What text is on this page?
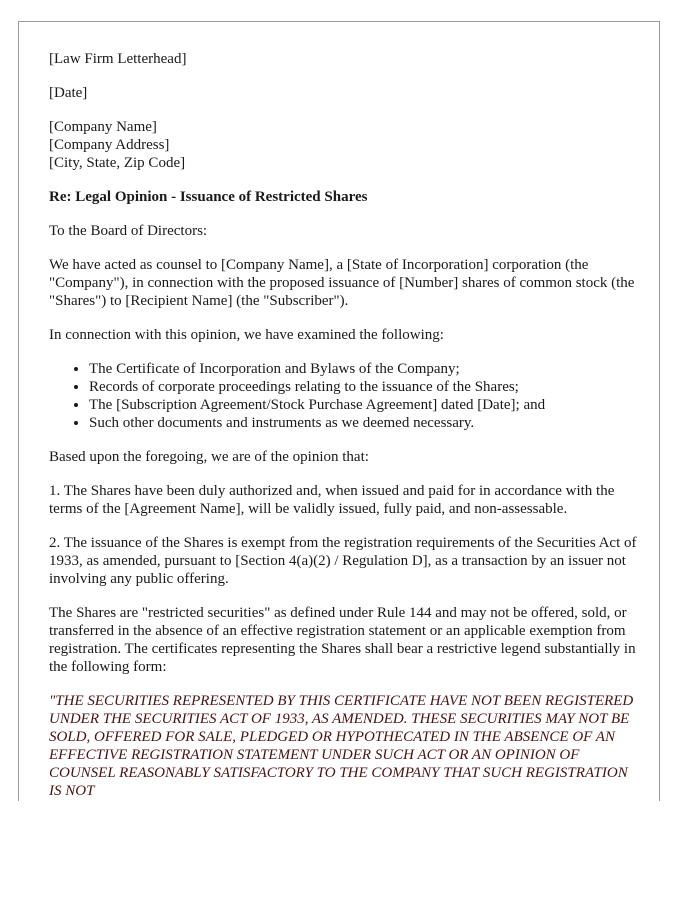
[Law Firm Letterhead]

[Date]

[Company Name]
[Company Address]
[City, State, Zip Code]

Re: Legal Opinion - Issuance of Restricted Shares

To the Board of Directors:

We have acted as counsel to [Company Name], a [State of Incorporation] corporation (the "Company"), in connection with the proposed issuance of [Number] shares of common stock (the "Shares") to [Recipient Name] (the "Subscriber").

In connection with this opinion, we have examined the following:

• The Certificate of Incorporation and Bylaws of the Company;
• Records of corporate proceedings relating to the issuance of the Shares;
• The [Subscription Agreement/Stock Purchase Agreement] dated [Date]; and
• Such other documents and instruments as we deemed necessary.

Based upon the foregoing, we are of the opinion that:

1. The Shares have been duly authorized and, when issued and paid for in accordance with the terms of the [Agreement Name], will be validly issued, fully paid, and non-assessable.

2. The issuance of the Shares is exempt from the registration requirements of the Securities Act of 1933, as amended, pursuant to [Section 4(a)(2) / Regulation D], as a transaction by an issuer not involving any public offering.

The Shares are "restricted securities" as defined under Rule 144 and may not be offered, sold, or transferred in the absence of an effective registration statement or an applicable exemption from registration. The certificates representing the Shares shall bear a restrictive legend substantially in the following form:

"THE SECURITIES REPRESENTED BY THIS CERTIFICATE HAVE NOT BEEN REGISTERED UNDER THE SECURITIES ACT OF 1933, AS AMENDED. THESE SECURITIES MAY NOT BE SOLD, OFFERED FOR SALE, PLEDGED OR HYPOTHECATED IN THE ABSENCE OF AN EFFECTIVE REGISTRATION STATEMENT UNDER SUCH ACT OR AN OPINION OF COUNSEL REASONABLY SATISFACTORY TO THE COMPANY THAT SUCH REGISTRATION IS NOT
